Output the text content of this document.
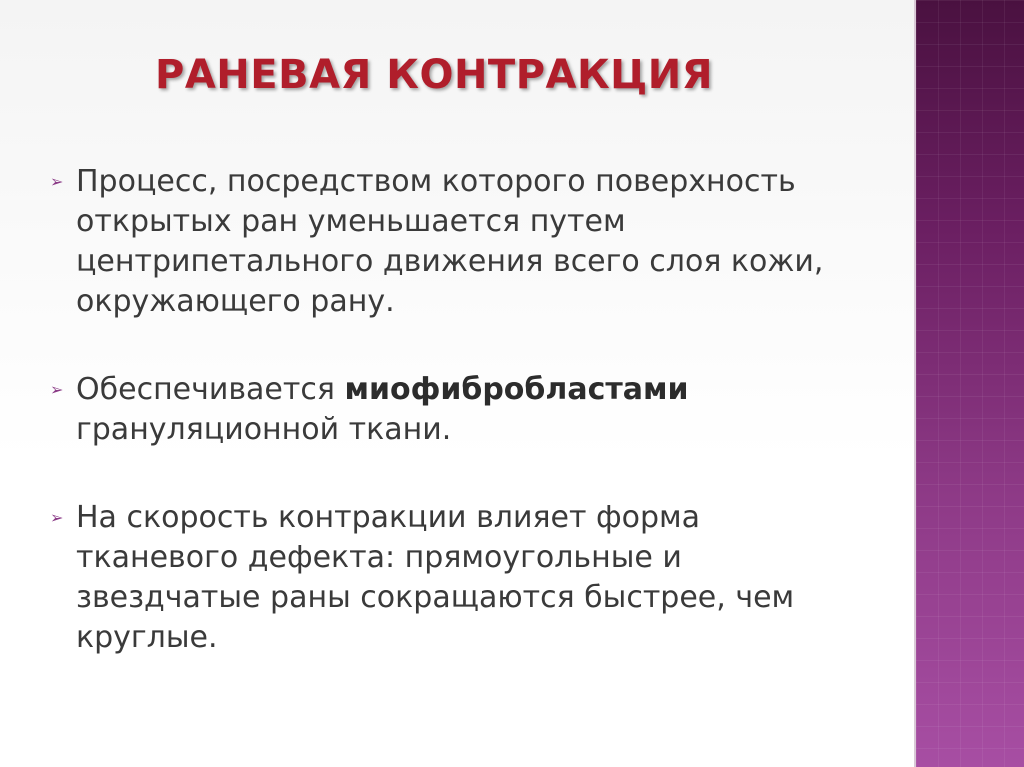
РАНЕВАЯ КОНТРАКЦИЯ
➢ Процесс, посредством которого поверхность открытых ран уменьшается путем центрипетального движения всего слоя кожи, окружающего рану.
➢ Обеспечивается миофибробластами грануляционной ткани.
➢ На скорость контракции влияет форма тканевого дефекта: прямоугольные и звездчатые раны сокращаются быстрее, чем круглые.
